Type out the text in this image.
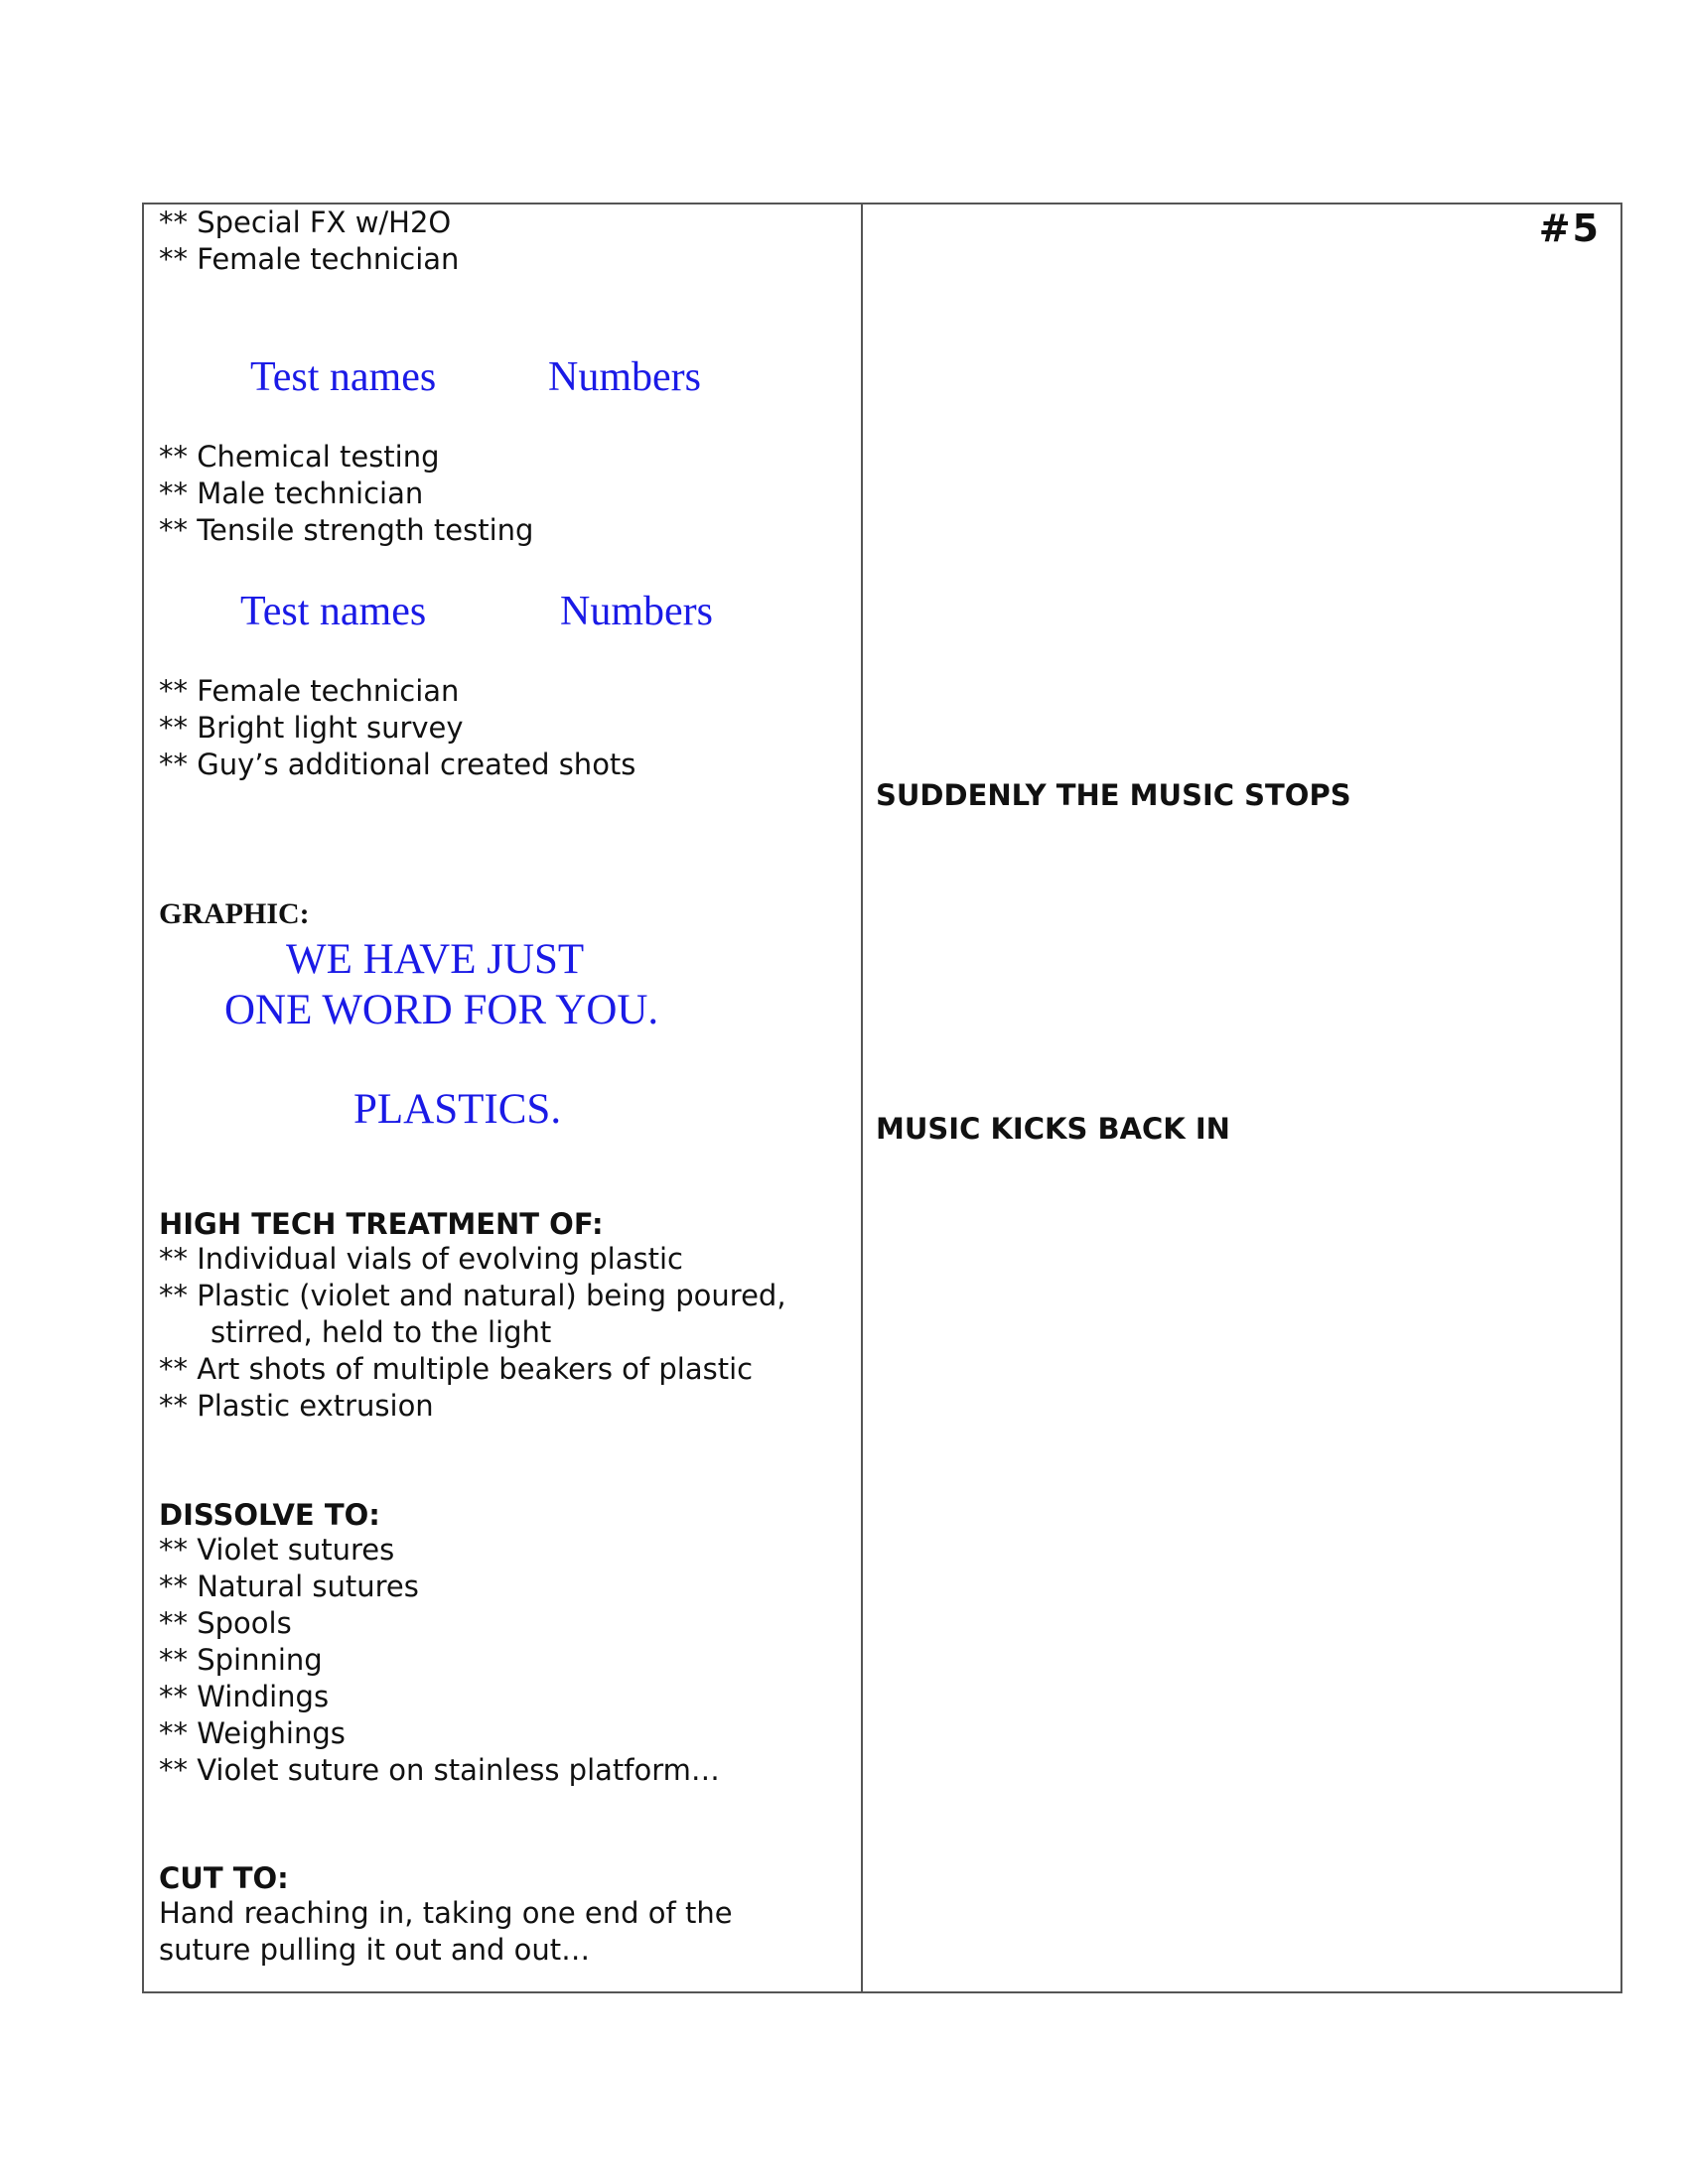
** Special FX w/H2O
** Female technician
Test names	Numbers
** Chemical testing
** Male technician
** Tensile strength testing
Test names	Numbers
** Female technician
** Bright light survey
** Guy’s additional created shots
GRAPHIC:
WE HAVE JUST
ONE WORD FOR YOU.
PLASTICS.
HIGH TECH TREATMENT OF:
** Individual vials of evolving plastic
** Plastic (violet and natural) being poured,
stirred, held to the light
** Art shots of multiple beakers of plastic
** Plastic extrusion
DISSOLVE TO:
** Violet sutures
** Natural sutures
** Spools
** Spinning
** Windings
** Weighings
** Violet suture on stainless platform…
CUT TO:
Hand reaching in, taking one end of the
suture pulling it out and out…
#5
SUDDENLY THE MUSIC STOPS
MUSIC KICKS BACK IN
